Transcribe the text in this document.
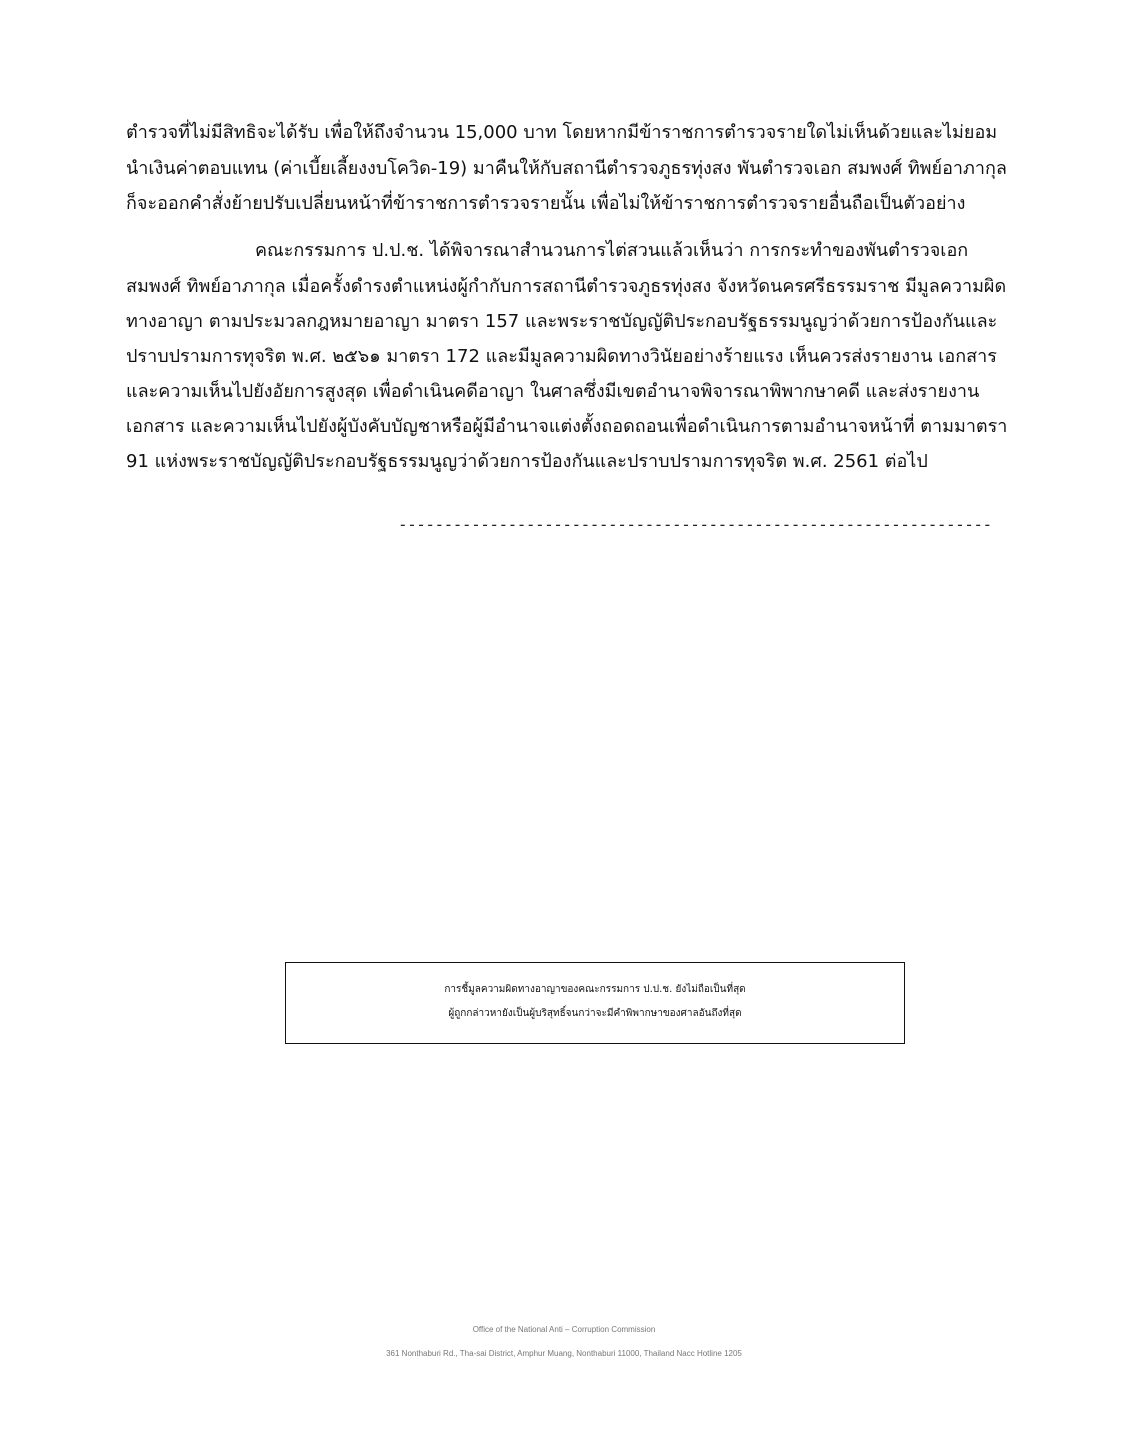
ตำรวจที่ไม่มีสิทธิจะได้รับ เพื่อให้ถึงจำนวน 15,000 บาท โดยหากมีข้าราชการตำรวจรายใดไม่เห็นด้วยและไม่ยอม
นำเงินค่าตอบแทน (ค่าเบี้ยเลี้ยงงบโควิด-19) มาคืนให้กับสถานีตำรวจภูธรทุ่งสง พันตำรวจเอก สมพงศ์ ทิพย์อาภากุล
ก็จะออกคำสั่งย้ายปรับเปลี่ยนหน้าที่ข้าราชการตำรวจรายนั้น เพื่อไม่ให้ข้าราชการตำรวจรายอื่นถือเป็นตัวอย่าง
คณะกรรมการ ป.ป.ช. ได้พิจารณาสำนวนการไต่สวนแล้วเห็นว่า การกระทำของพันตำรวจเอก
สมพงศ์ ทิพย์อาภากุล เมื่อครั้งดำรงตำแหน่งผู้กำกับการสถานีตำรวจภูธรทุ่งสง จังหวัดนครศรีธรรมราช มีมูลความผิด
ทางอาญา ตามประมวลกฎหมายอาญา มาตรา 157 และพระราชบัญญัติประกอบรัฐธรรมนูญว่าด้วยการป้องกันและ
ปราบปรามการทุจริต พ.ศ. ๒๕๖๑ มาตรา 172 และมีมูลความผิดทางวินัยอย่างร้ายแรง เห็นควรส่งรายงาน เอกสาร
และความเห็นไปยังอัยการสูงสุด เพื่อดำเนินคดีอาญา ในศาลซึ่งมีเขตอำนาจพิจารณาพิพากษาคดี และส่งรายงาน
เอกสาร และความเห็นไปยังผู้บังคับบัญชาหรือผู้มีอำนาจแต่งตั้งถอดถอนเพื่อดำเนินการตามอำนาจหน้าที่ ตามมาตรา
91 แห่งพระราชบัญญัติประกอบรัฐธรรมนูญว่าด้วยการป้องกันและปราบปรามการทุจริต พ.ศ. 2561 ต่อไป
-----------------------------------------------------------------
การชี้มูลความผิดทางอาญาของคณะกรรมการ ป.ป.ช. ยังไม่ถือเป็นที่สุด
ผู้ถูกกล่าวหายังเป็นผู้บริสุทธิ์จนกว่าจะมีคำพิพากษาของศาลอันถึงที่สุด
Office of the National Anti – Corruption Commission
361 Nonthaburi Rd., Tha-sai District, Amphur Muang, Nonthaburi 11000, Thailand Nacc Hotline 1205
